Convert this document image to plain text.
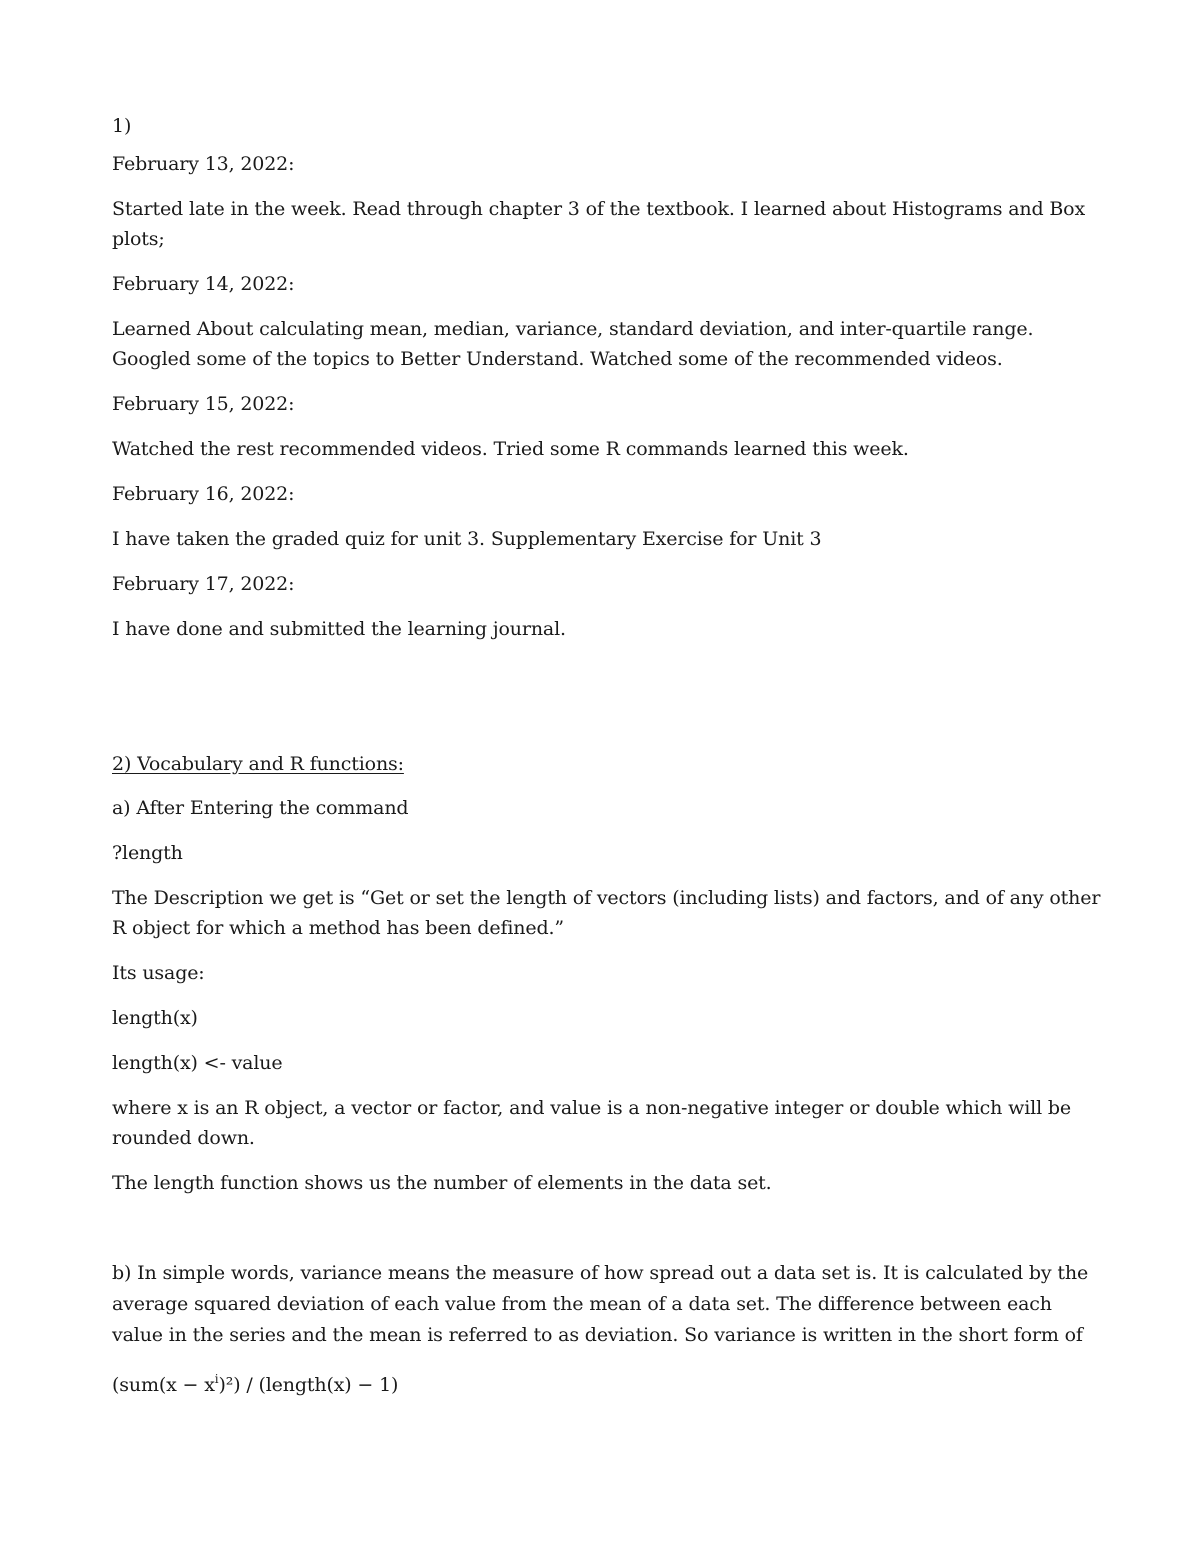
1)
February 13, 2022:
Started late in the week. Read through chapter 3 of the textbook. I learned about Histograms and Box
plots;
February 14, 2022:
Learned About calculating mean, median, variance, standard deviation, and inter-quartile range.
Googled some of the topics to Better Understand. Watched some of the recommended videos.
February 15, 2022:
Watched the rest recommended videos. Tried some R commands learned this week.
February 16, 2022:
I have taken the graded quiz for unit 3. Supplementary Exercise for Unit 3
February 17, 2022:
I have done and submitted the learning journal.
2) Vocabulary and R functions:
a) After Entering the command
?length
The Description we get is “Get or set the length of vectors (including lists) and factors, and of any other
R object for which a method has been defined.”
Its usage:
length(x)
length(x) <- value
where x is an R object, a vector or factor, and value is a non-negative integer or double which will be
rounded down.
The length function shows us the number of elements in the data set.
b) In simple words, variance means the measure of how spread out a data set is. It is calculated by the
average squared deviation of each value from the mean of a data set. The difference between each
value in the series and the mean is referred to as deviation. So variance is written in the short form of
$(sum(x - x^i)^2)$ / (length(x) − 1)
